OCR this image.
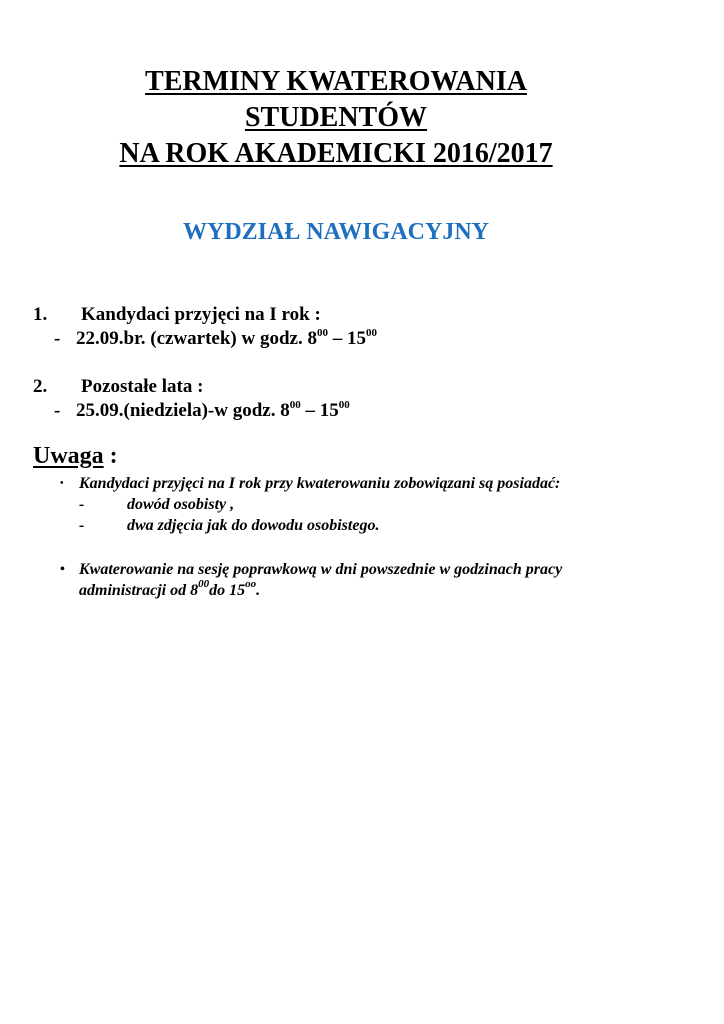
TERMINY KWATEROWANIA
STUDENTÓW
NA ROK AKADEMICKI 2016/2017
WYDZIAŁ NAWIGACYJNY
1. Kandydaci przyjęci na I rok :
- 22.09.br. (czwartek) w godz. $8^{00} - 15^{00}$
2. Pozostałe lata :
- 25.09.(niedziela)-w godz. $8^{00} - 15^{00}$
Uwaga :
• Kandydaci przyjęci na I rok przy kwaterowaniu zobowiązani są posiadać:
-	dowód osobisty ,
-	dwa zdjęcia jak do dowodu osobistego.
• Kwaterowanie na sesję poprawkową w dni powszednie w godzinach pracy
administracji od $8^{00}do$ $15^{oo}$.
